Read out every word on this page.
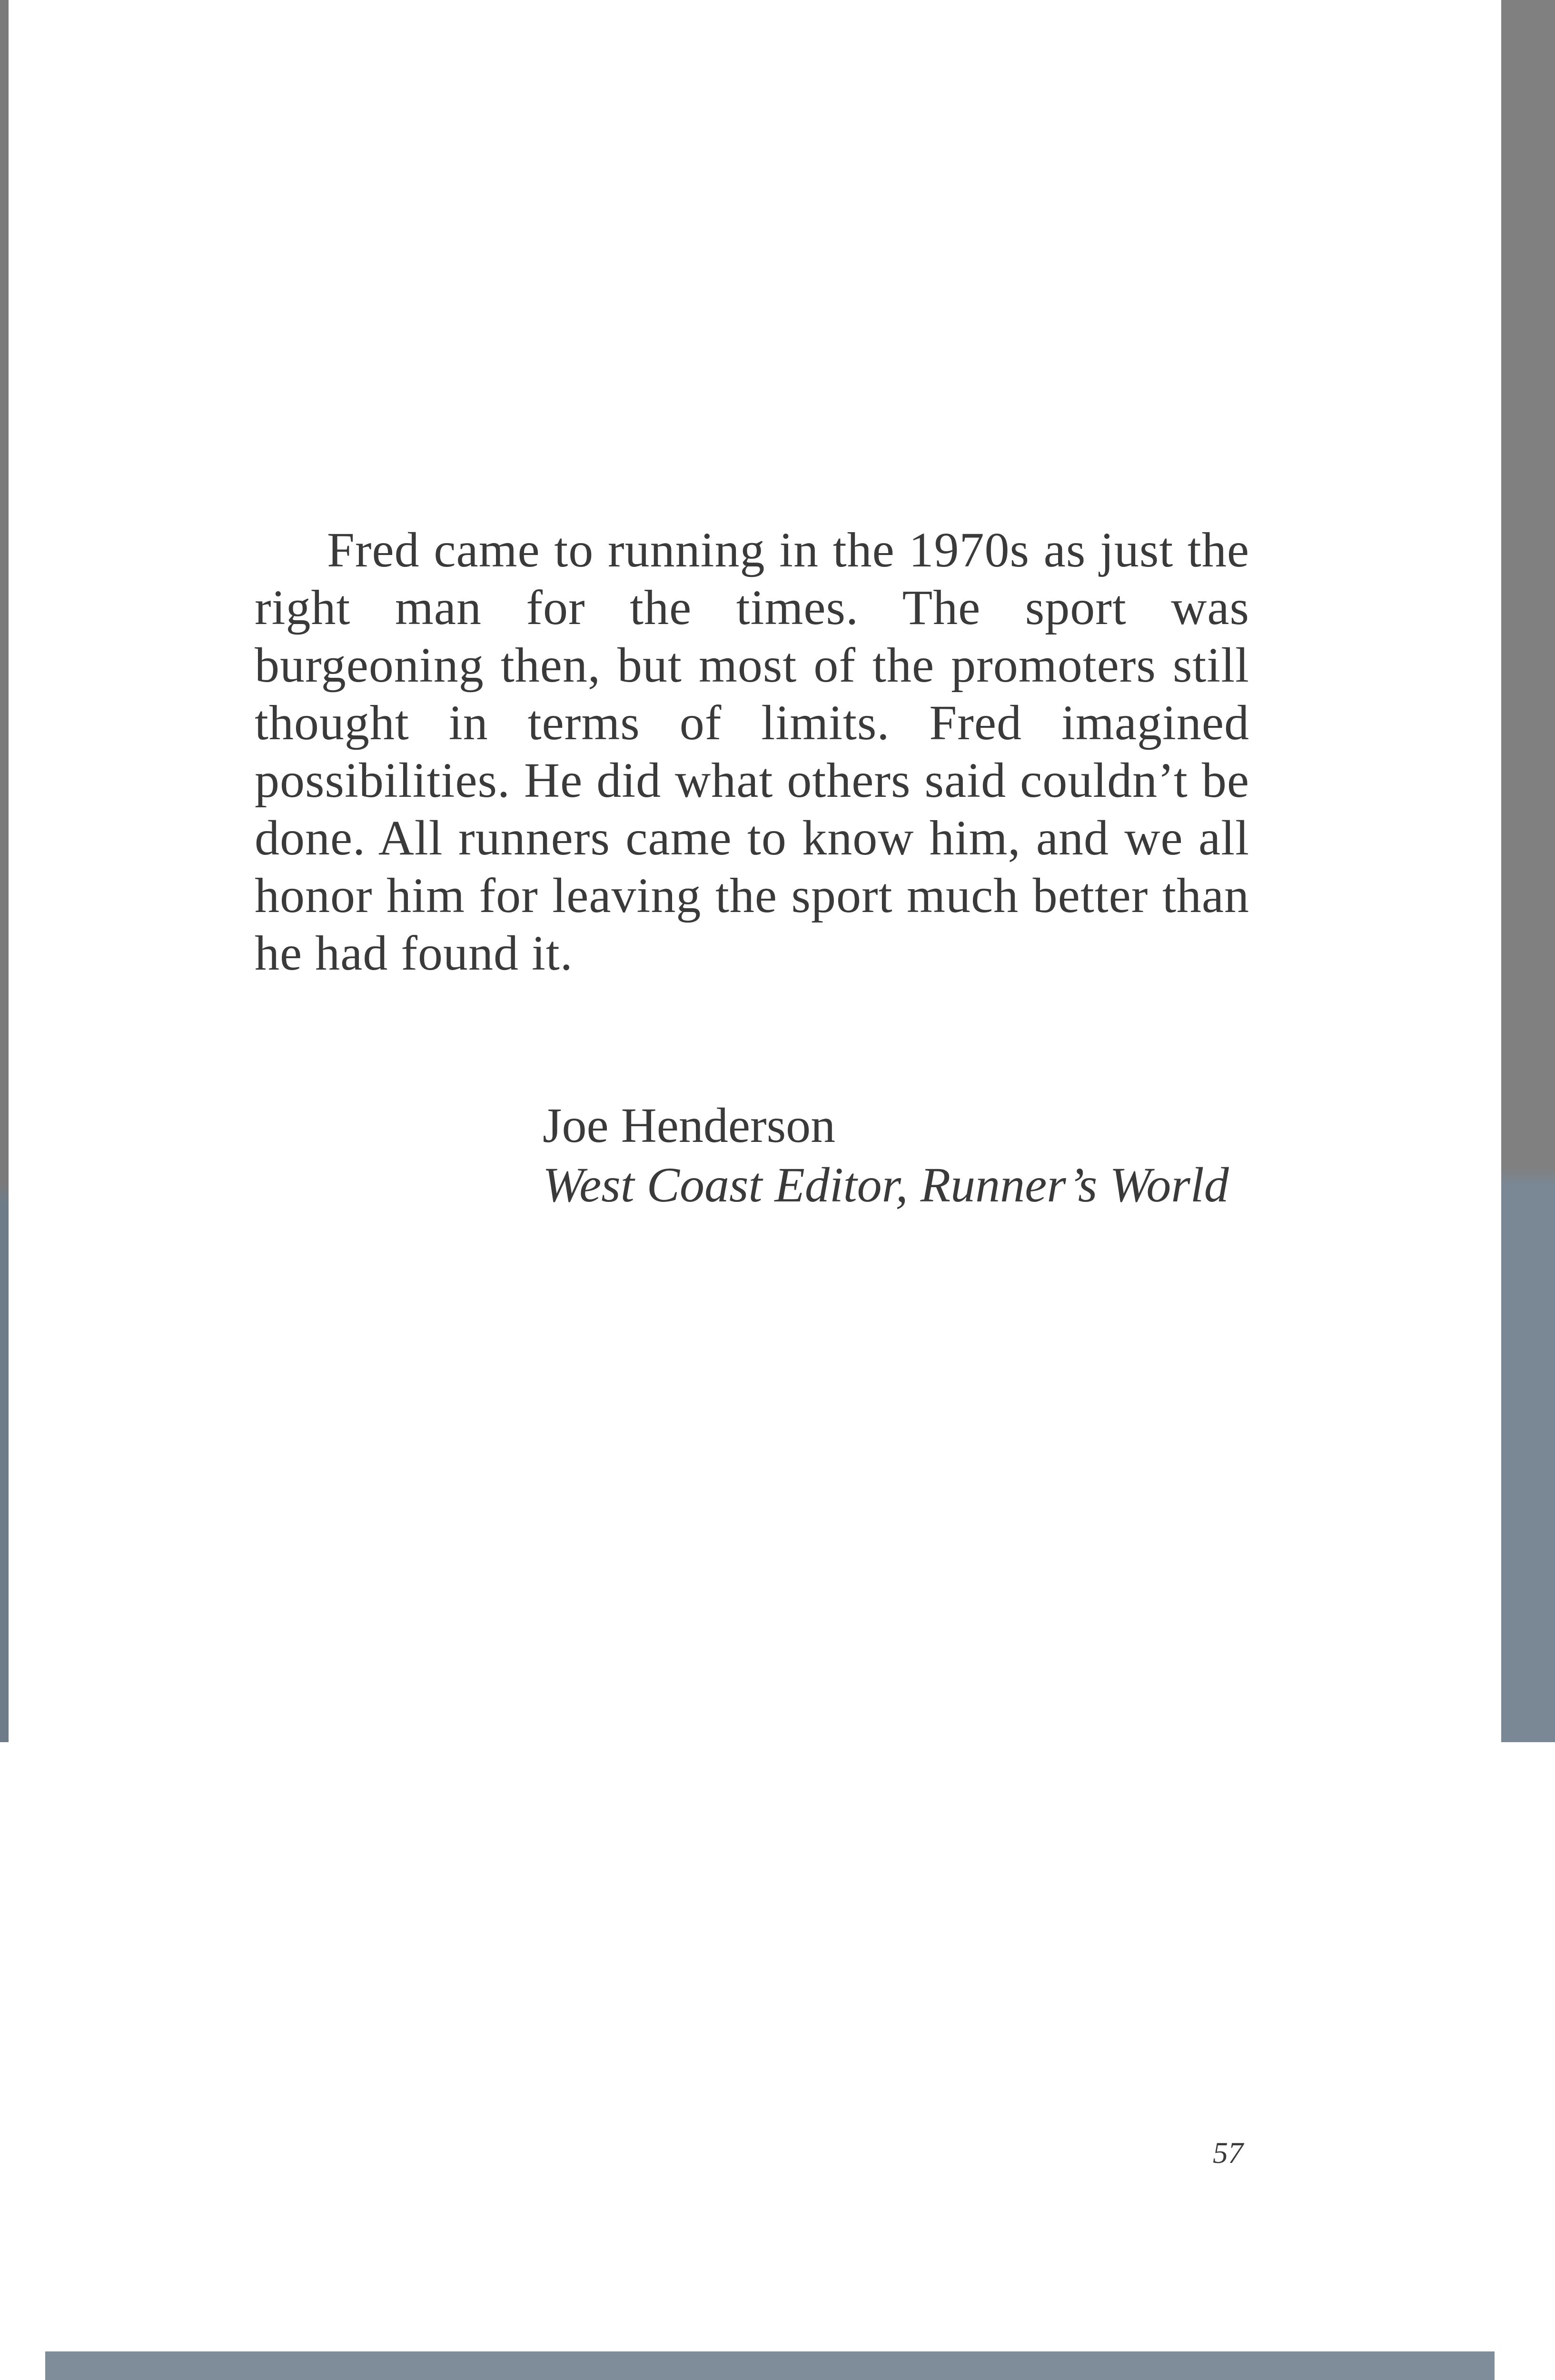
Fred came to running in the 1970s as just the right man for the times. The sport was burgeoning then, but most of the promoters still thought in terms of limits. Fred imagined possibilities. He did what others said couldn’t be done. All runners came to know him, and we all honor him for leaving the sport much better than he had found it.

Joe Henderson
West Coast Editor, Runner’s World

57
